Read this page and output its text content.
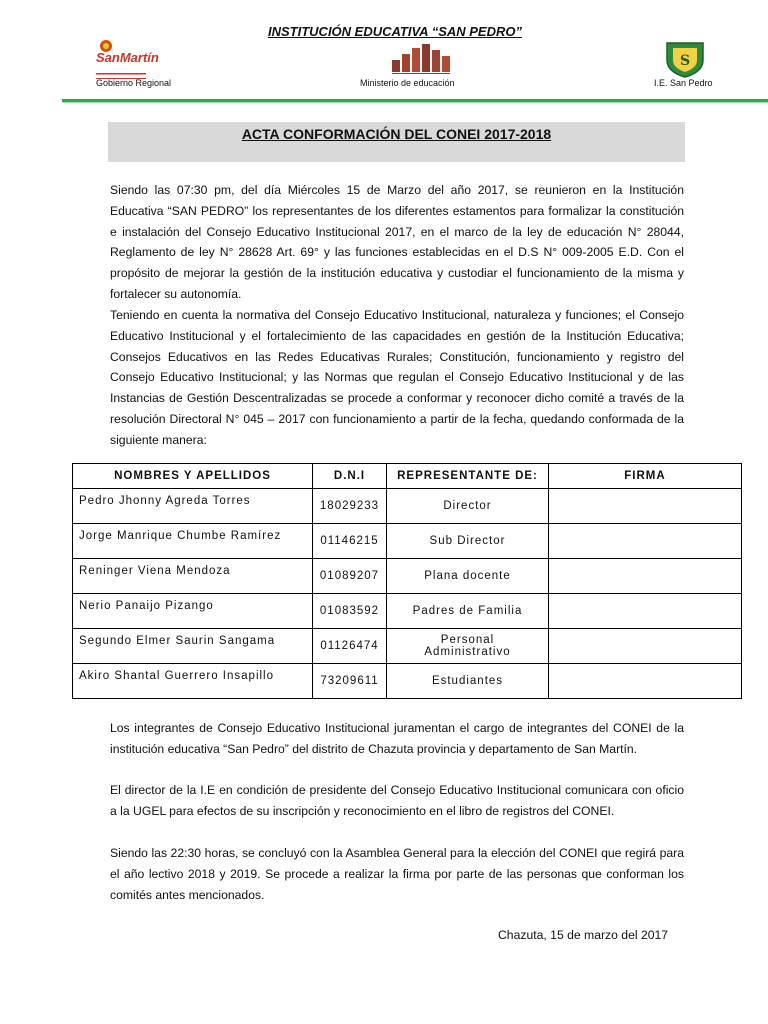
INSTITUCIÓN EDUCATIVA “SAN PEDRO”
SanMartín
Gobierno Regional	Ministerio de educación
S
I.E. San Pedro
ACTA CONFORMACIÓN DEL CONEI 2017-2018
Siendo las 07:30 pm, del día Miércoles 15 de Marzo del año 2017, se reunieron en la Institución Educativa “SAN PEDRO” los representantes de los diferentes estamentos para formalizar la constitución e instalación del Consejo Educativo Institucional 2017, en el marco de la ley de educación N° 28044, Reglamento de ley N° 28628 Art. 69° y las funciones establecidas en el D.S N° 009-2005 E.D. Con el propósito de mejorar la gestión de la institución educativa y custodiar el funcionamiento de la misma y fortalecer su autonomía.
Teniendo en cuenta la normativa del Consejo Educativo Institucional, naturaleza y funciones; el Consejo Educativo Institucional y el fortalecimiento de las capacidades en gestión de la Institución Educativa; Consejos Educativos en las Redes Educativas Rurales; Constitución, funcionamiento y registro del Consejo Educativo Institucional; y las Normas que regulan el Consejo Educativo Institucional y de las Instancias de Gestión Descentralizadas se procede a conformar y reconocer dicho comité a través de la resolución Directoral N° 045 – 2017 con funcionamiento a partir de la fecha, quedando conformada de la siguiente manera:
NOMBRES Y APELLIDOS	D.N.I	REPRESENTANTE DE:	FIRMA
Pedro Jhonny Agreda Torres	18029233	Director	
Jorge Manrique Chumbe Ramírez	01146215	Sub Director	
Reninger Viena Mendoza	01089207	Plana docente	
Nerio Panaijo Pizango	01083592	Padres de Familia	
Segundo Elmer Saurin Sangama	01126474	Personal Administrativo	
Akiro Shantal Guerrero Insapillo	73209611	Estudiantes	
Los integrantes de Consejo Educativo Institucional juramentan el cargo de integrantes del CONEI de la institución educativa “San Pedro” del distrito de Chazuta provincia y departamento de San Martín.
El director de la I.E en condición de presidente del Consejo Educativo Institucional comunicara con oficio a la UGEL para efectos de su inscripción y reconocimiento en el libro de registros del CONEI.
Siendo las 22:30 horas, se concluyó con la Asamblea General para la elección del CONEI que regirá para el año lectivo 2018 y 2019. Se procede a realizar la firma por parte de las personas que conforman los comités antes mencionados.
Chazuta, 15 de marzo del 2017
